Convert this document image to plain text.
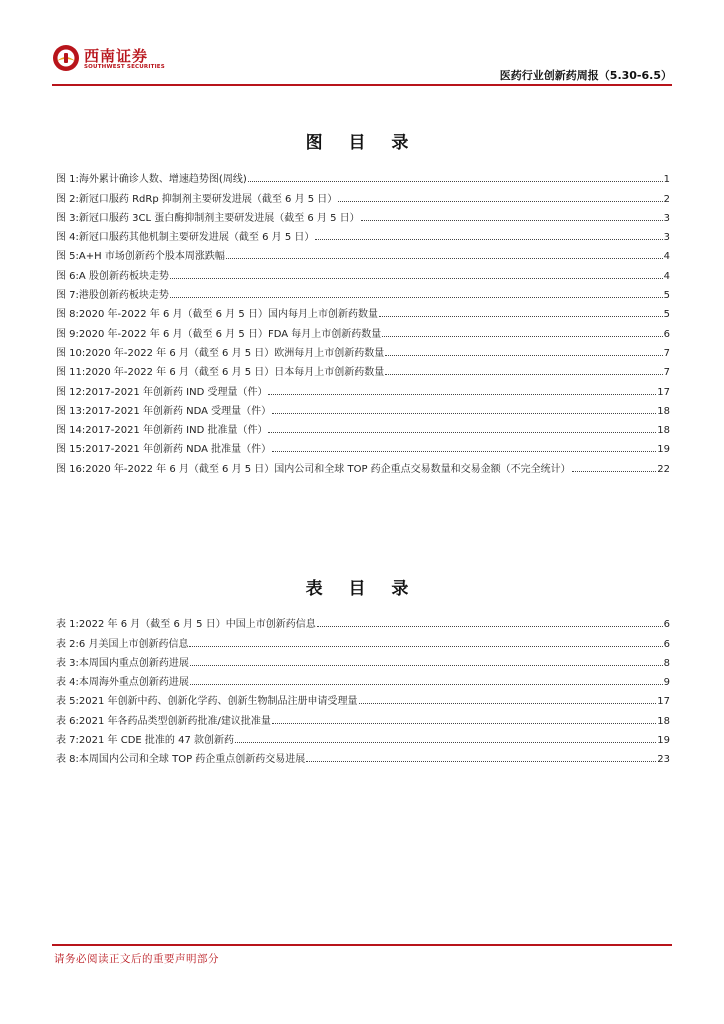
西南证券
SOUTHWEST SECURITIES
医药行业创新药周报（5.30-6.5）
图 目 录
图 1: 海外累计确诊人数、增速趋势图(周线)	1
图 2: 新冠口服药 RdRp 抑制剂主要研发进展（截至 6 月 5 日）	2
图 3: 新冠口服药 3CL 蛋白酶抑制剂主要研发进展（截至 6 月 5 日）	3
图 4: 新冠口服药其他机制主要研发进展（截至 6 月 5 日）	3
图 5: A+H 市场创新药个股本周涨跌幅	4
图 6: A 股创新药板块走势	4
图 7: 港股创新药板块走势	5
图 8: 2020 年-2022 年 6 月（截至 6 月 5 日）国内每月上市创新药数量	5
图 9: 2020 年-2022 年 6 月（截至 6 月 5 日）FDA 每月上市创新药数量	6
图 10: 2020 年-2022 年 6 月（截至 6 月 5 日）欧洲每月上市创新药数量	7
图 11: 2020 年-2022 年 6 月（截至 6 月 5 日）日本每月上市创新药数量	7
图 12: 2017-2021 年创新药 IND 受理量（件）	17
图 13: 2017-2021 年创新药 NDA 受理量（件）	18
图 14: 2017-2021 年创新药 IND 批准量（件）	18
图 15: 2017-2021 年创新药 NDA 批准量（件）	19
图 16: 2020 年-2022 年 6 月（截至 6 月 5 日）国内公司和全球 TOP 药企重点交易数量和交易金额（不完全统计）	22
表 目 录
表 1: 2022 年 6 月（截至 6 月 5 日）中国上市创新药信息	6
表 2: 6 月美国上市创新药信息	6
表 3: 本周国内重点创新药进展	8
表 4: 本周海外重点创新药进展	9
表 5: 2021 年创新中药、创新化学药、创新生物制品注册申请受理量	17
表 6: 2021 年各药品类型创新药批准/建议批准量	18
表 7: 2021 年 CDE 批准的 47 款创新药	19
表 8: 本周国内公司和全球 TOP 药企重点创新药交易进展	23
请务必阅读正文后的重要声明部分
